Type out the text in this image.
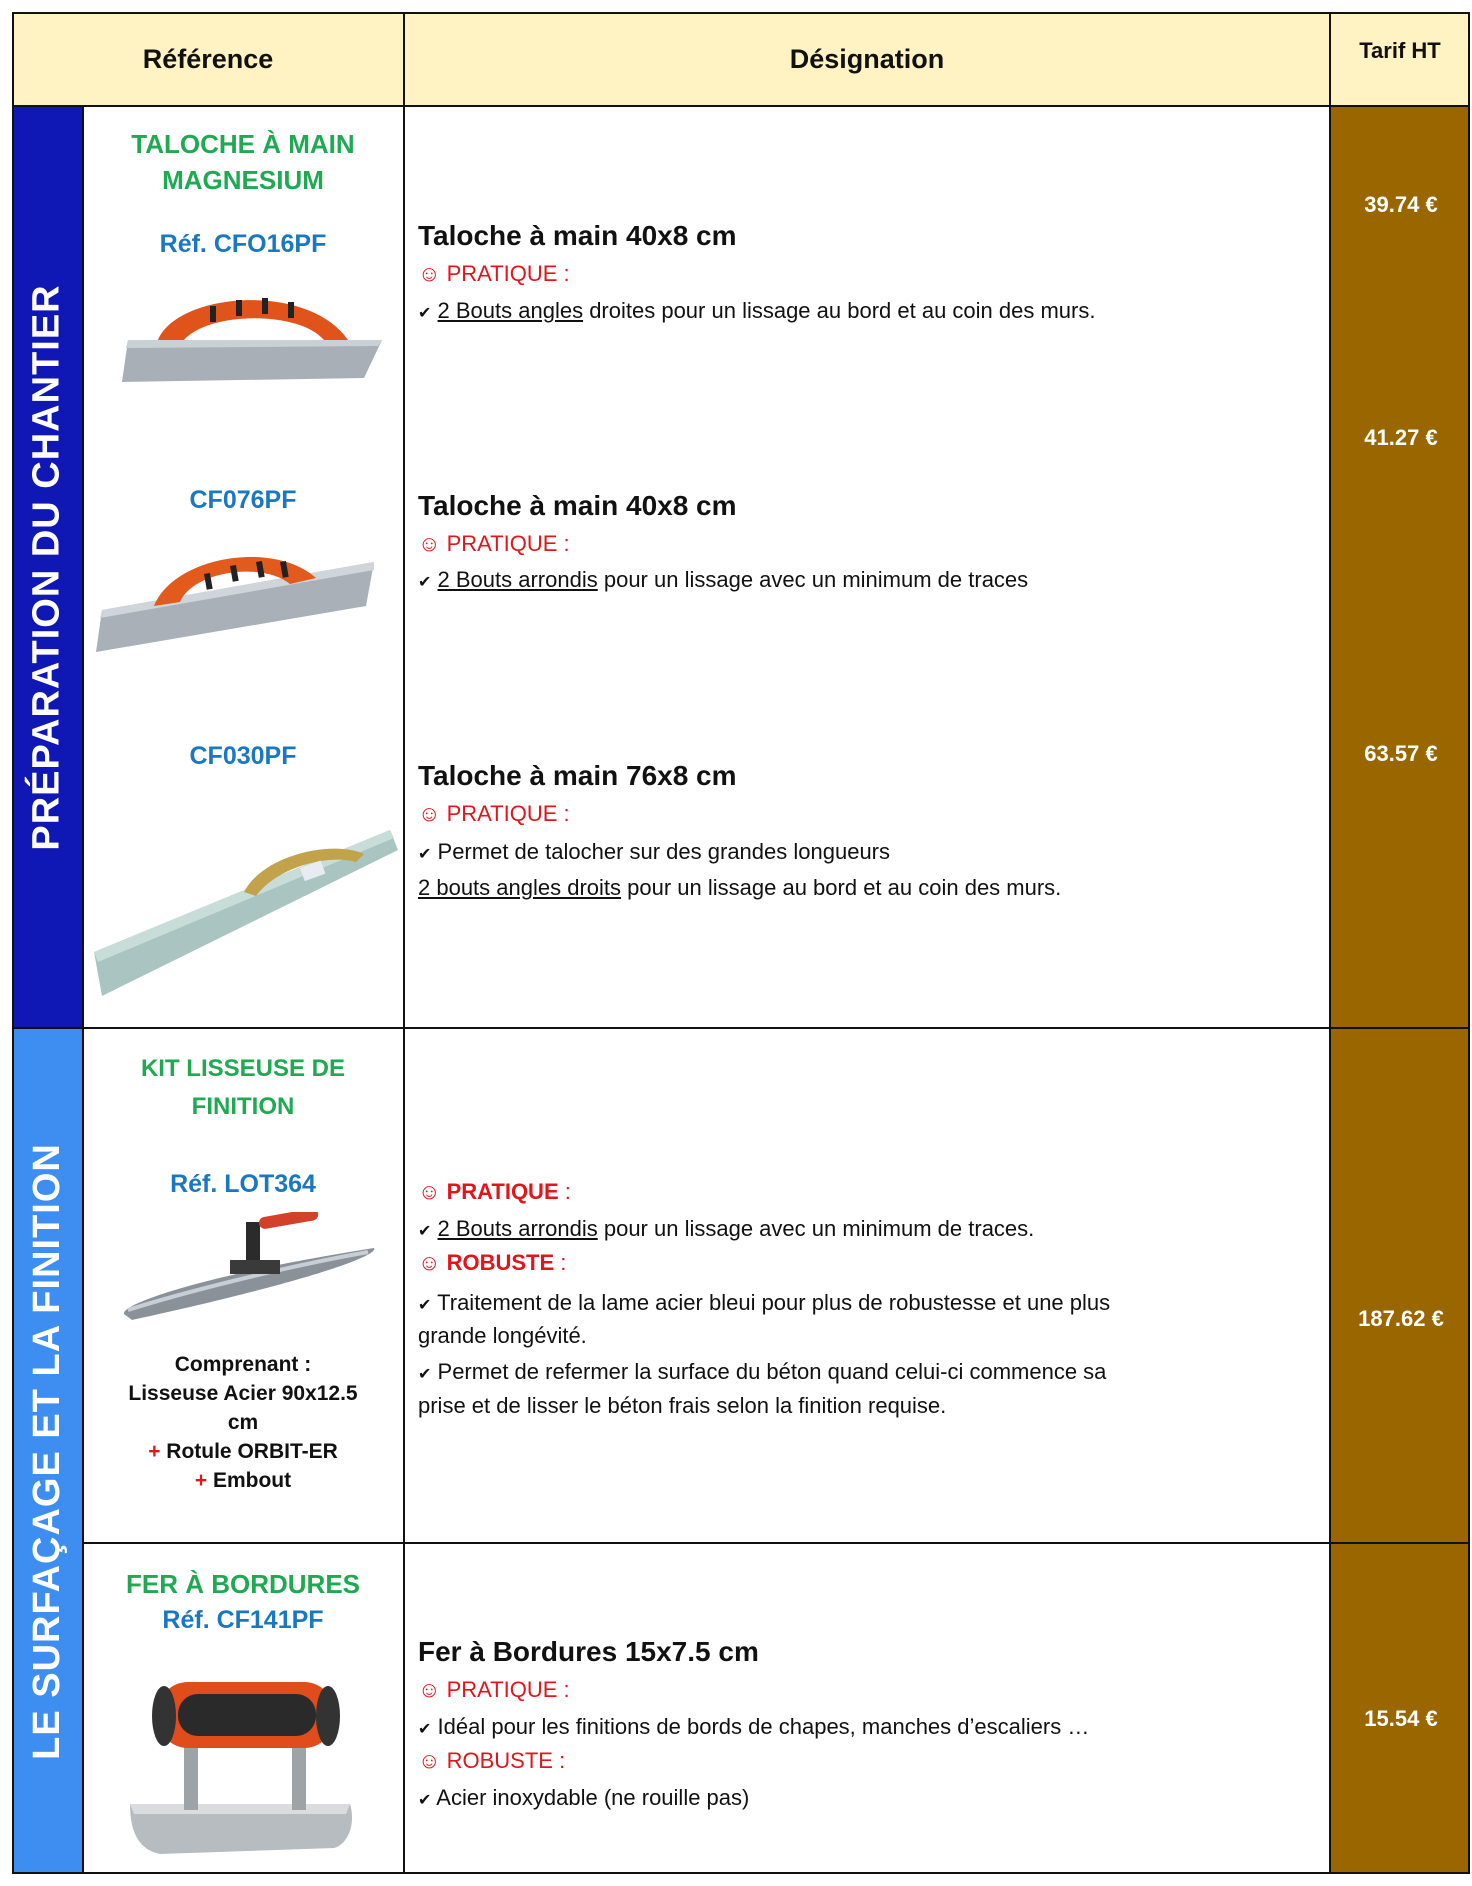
Référence	Désignation	Tarif HT
PRÉPARATION DU CHANTIER
LE SURFAÇAGE ET LA FINITION
39.74 €
41.27 €
63.57 €
187.62 €
15.54 €
TALOCHE À MAIN
MAGNESIUM
Réf. CFO16PF
CF076PF
CF030PF
KIT LISSEUSE DE
FINITION
Réf. LOT364
Comprenant :
Lisseuse Acier 90x12.5
cm
+ Rotule ORBIT-ER
+ Embout
FER À BORDURES
Réf. CF141PF
Taloche à main 40x8 cm
☺ PRATIQUE :
✔ 2 Bouts angles droites pour un lissage au bord et au coin des murs.
Taloche à main 40x8 cm
☺ PRATIQUE :
✔ 2 Bouts arrondis pour un lissage avec un minimum de traces
Taloche à main 76x8 cm
☺ PRATIQUE :
✔ Permet de talocher sur des grandes longueurs
2 bouts angles droits pour un lissage au bord et au coin des murs.
☺ PRATIQUE :
✔ 2 Bouts arrondis pour un lissage avec un minimum de traces.
☺ ROBUSTE :
✔ Traitement de la lame acier bleui pour plus de robustesse et une plus
grande longévité.
✔ Permet de refermer la surface du béton quand celui-ci commence sa
prise et de lisser le béton frais selon la finition requise.
Fer à Bordures 15x7.5 cm
☺ PRATIQUE :
✔ Idéal pour les finitions de bords de chapes, manches d’escaliers …
☺ ROBUSTE :
✔ Acier inoxydable (ne rouille pas)
